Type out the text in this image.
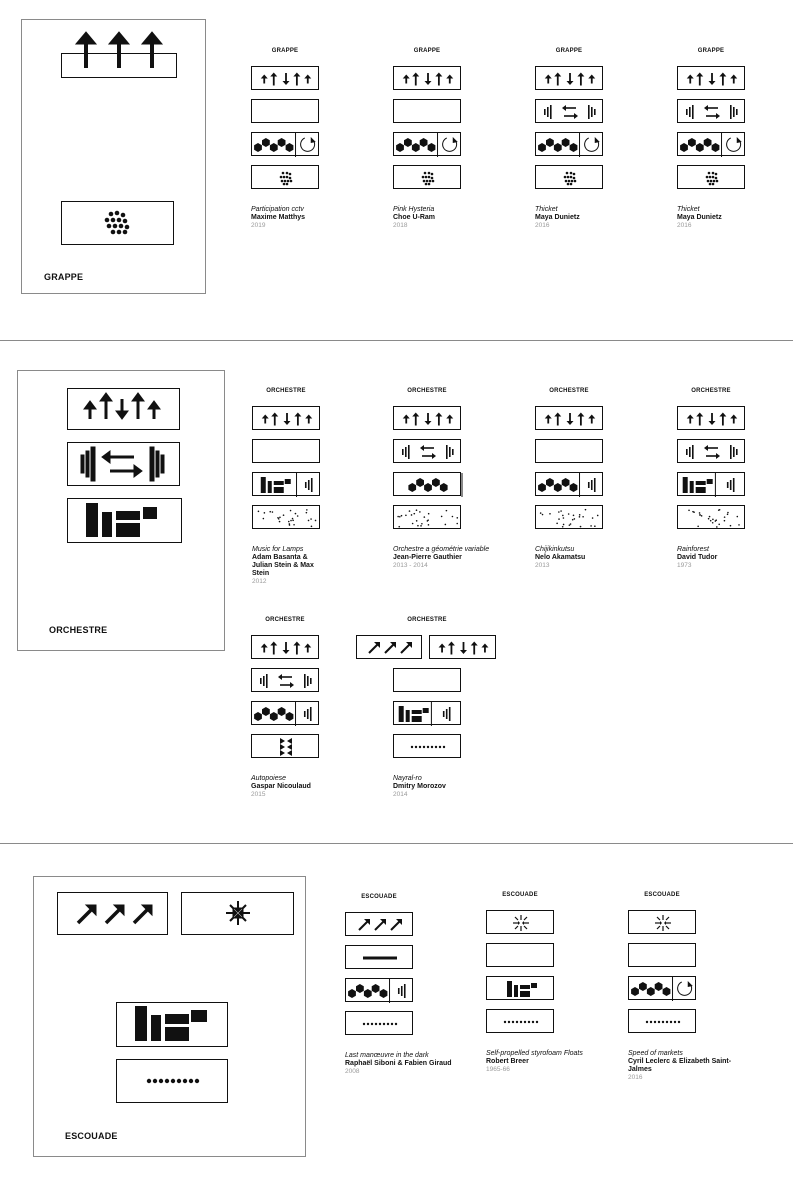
GRAPPE
ORCHESTRE
ESCOUADE
GRAPPE
Participation cctv
Maxime Matthys
2019
GRAPPE
Pink Hysteria
Choe U-Ram
2018
GRAPPE
Thicket
Maya Dunietz
2016
GRAPPE
Thicket
Maya Dunietz
2016
ORCHESTRE
Music for Lamps
Adam Basanta & Julian Stein & Max Stein
2012
ORCHESTRE
Orchestre a géométrie variable
Jean-Pierre Gauthier
2013 - 2014
ORCHESTRE
Chijikinkutsu
Nelo Akamatsu
2013
ORCHESTRE
Rainforest
David Tudor
1973
ORCHESTRE
Autopoiese
Gaspar Nicoulaud
2015
ORCHESTRE
Nayral-ro
Dmitry Morozov
2014
ESCOUADE
Last manœuvre in the dark
Raphaël Siboni & Fabien Giraud
2008
ESCOUADE
Self-propelled styrofoam Floats
Robert Breer
1965-66
ESCOUADE
Speed of markets
Cyril Leclerc & Elizabeth Saint-Jalmes
2016
